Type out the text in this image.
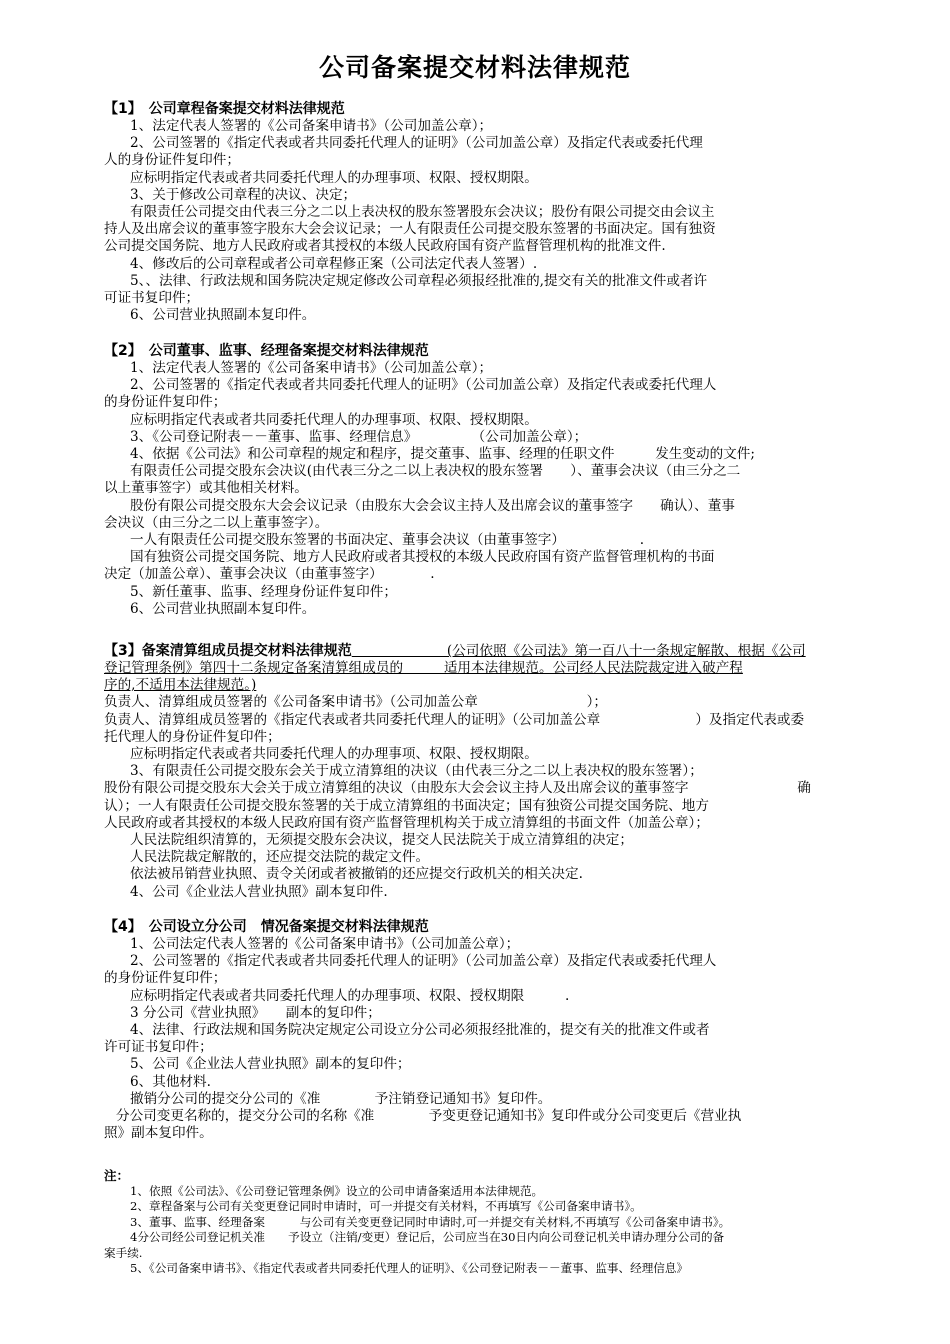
公司备案提交材料法律规范
【1】　公司章程备案提交材料法律规范
1、法定代表人签署的《公司备案申请书》（公司加盖公章）；
2、公司签署的《指定代表或者共同委托代理人的证明》（公司加盖公章）及指定代表或委托代理
人的身份证件复印件；
应标明指定代表或者共同委托代理人的办理事项、权限、授权期限。
3、关于修改公司章程的决议、决定；
有限责任公司提交由代表三分之二以上表决权的股东签署股东会决议；股份有限公司提交由会议主
持人及出席会议的董事签字股东大会会议记录；一人有限责任公司提交股东签署的书面决定。国有独资
公司提交国务院、地方人民政府或者其授权的本级人民政府国有资产监督管理机构的批准文件.
4、修改后的公司章程或者公司章程修正案（公司法定代表人签署）.
5、、法律、行政法规和国务院决定规定修改公司章程必须报经批准的,提交有关的批准文件或者许
可证书复印件；
6、公司营业执照副本复印件。
【2】　公司董事、监事、经理备案提交材料法律规范
1、法定代表人签署的《公司备案申请书》（公司加盖公章）；
2、公司签署的《指定代表或者共同委托代理人的证明》（公司加盖公章）及指定代表或委托代理人
的身份证件复印件；
应标明指定代表或者共同委托代理人的办理事项、权限、授权期限。
3、《公司登记附表－－董事、监事、经理信息》　　　　　（公司加盖公章）；
4、依据《公司法》和公司章程的规定和程序，提交董事、监事、经理的任职文件　　　发生变动的文件;
有限责任公司提交股东会决议(由代表三分之二以上表决权的股东签署　　）、董事会决议（由三分之二
以上董事签字）或其他相关材料。
股份有限公司提交股东大会会议记录（由股东大会会议主持人及出席会议的董事签字　　确认）、董事
会决议（由三分之二以上董事签字）。
一人有限责任公司提交股东签署的书面决定、董事会决议（由董事签字）　　　　　　.
国有独资公司提交国务院、地方人民政府或者其授权的本级人民政府国有资产监督管理机构的书面
决定（加盖公章）、董事会决议（由董事签字）　　　　.
5、新任董事、监事、经理身份证件复印件；
6、公司营业执照副本复印件。
【3】备案清算组成员提交材料法律规范　　　　　　　(公司依照《公司法》第一百八十一条规定解散、根据《公司
登记管理条例》第四十二条规定备案清算组成员的　　　适用本法律规范。公司经人民法院裁定进入破产程
序的,不适用本法律规范。)
负责人、清算组成员签署的《公司备案申请书》（公司加盖公章　　　　　　　　）；
负责人、清算组成员签署的《指定代表或者共同委托代理人的证明》（公司加盖公章　　　　　　　）及指定代表或委
托代理人的身份证件复印件；
应标明指定代表或者共同委托代理人的办理事项、权限、授权期限。
3、有限责任公司提交股东会关于成立清算组的决议（由代表三分之二以上表决权的股东签署）；
股份有限公司提交股东大会关于成立清算组的决议（由股东大会会议主持人及出席会议的董事签字　　　　　　　　确
认）；一人有限责任公司提交股东签署的关于成立清算组的书面决定；国有独资公司提交国务院、地方
人民政府或者其授权的本级人民政府国有资产监督管理机构关于成立清算组的书面文件（加盖公章）；
人民法院组织清算的，无须提交股东会决议，提交人民法院关于成立清算组的决定；
人民法院裁定解散的，还应提交法院的裁定文件。
依法被吊销营业执照、责令关闭或者被撤销的还应提交行政机关的相关决定.
4、公司《企业法人营业执照》副本复印件.
【4】　公司设立分公司　情况备案提交材料法律规范
1、公司法定代表人签署的《公司备案申请书》（公司加盖公章）；
2、公司签署的《指定代表或者共同委托代理人的证明》（公司加盖公章）及指定代表或委托代理人
的身份证件复印件；
应标明指定代表或者共同委托代理人的办理事项、权限、授权期限　　　.
3 分公司《营业执照》　　副本的复印件；
4、法律、行政法规和国务院决定规定公司设立分公司必须报经批准的，提交有关的批准文件或者
许可证书复印件；
5、公司《企业法人营业执照》副本的复印件；
6、其他材料.
撤销分公司的提交分公司的《准　　　　予注销登记通知书》复印件。
分公司变更名称的，提交分公司的名称《准　　　　予变更登记通知书》复印件或分公司变更后《营业执
照》副本复印件。
注：
1、依照《公司法》、《公司登记管理条例》设立的公司申请备案适用本法律规范。
2、章程备案与公司有关变更登记同时申请时，可一并提交有关材料，不再填写《公司备案申请书》。
3、董事、监事、经理备案　　　与公司有关变更登记同时申请时,可一并提交有关材料,不再填写《公司备案申请书》。
4分公司经公司登记机关准　　予设立（注销/变更）登记后，公司应当在30日内向公司登记机关申请办理分公司的备
案手续.
5、《公司备案申请书》、《指定代表或者共同委托代理人的证明》、《公司登记附表－－董事、监事、经理信息》
